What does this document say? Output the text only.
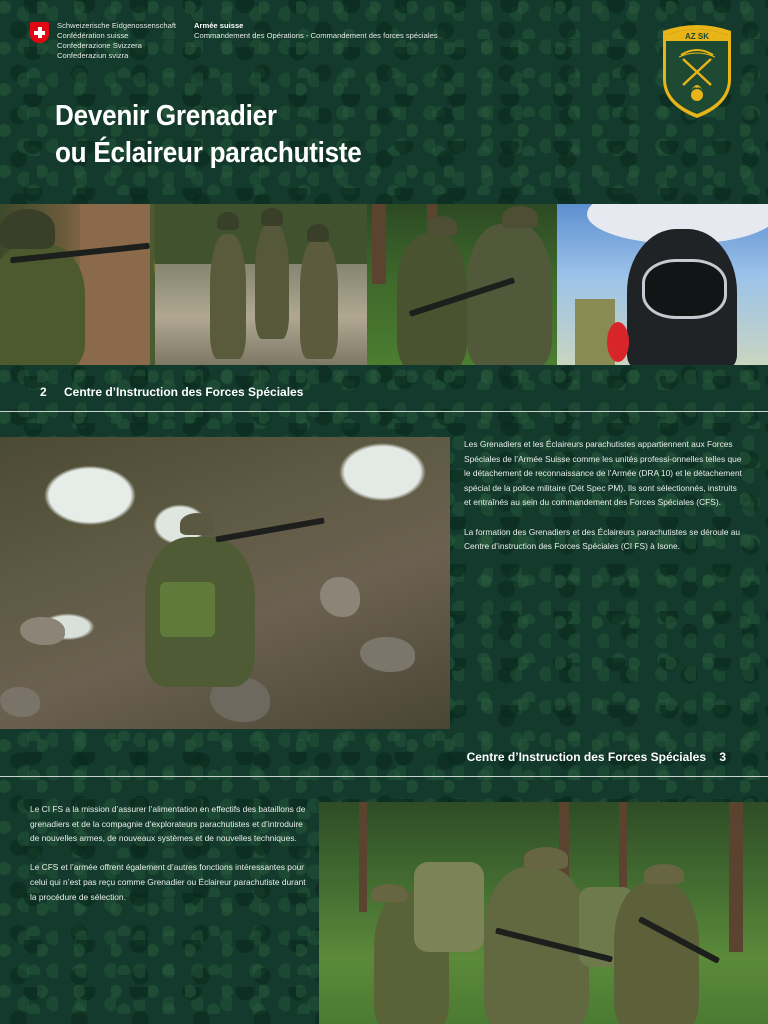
Schweizerische Eidgenossenschaft
Confédération suisse
Confederazione Svizzera
Confederaziun svizra
Armée suisse
Commandement des Opérations - Commandement des forces spéciales
Devenir Grenadier
ou Éclaireur parachutiste
AZ SK
2 Centre d’Instruction des Forces Spéciales

Les Grenadiers et les Éclaireurs parachutistes appartiennent aux Forces Spéciales de l’Armée Suisse comme les unités professi-onnelles telles que le détachement de reconnaissance de l’Armée (DRA 10) et le détachement spécial de la police militaire (Dét Spec PM). Ils sont sélectionnés, instruits et entraînés au sein du commandement des Forces Spéciales (CFS).

La formation des Grenadiers et des Éclaireurs parachutistes se déroule au Centre d’instruction des Forces Spéciales (CI FS) à Isone.

Centre d’Instruction des Forces Spéciales 3

Le CI FS a la mission d’assurer l’alimentation en effectifs des bataillons de grenadiers et de la compagnie d’explorateurs parachutistes et d’introduire de nouvelles armes, de nouveaux systèmes et de nouvelles techniques.

Le CFS et l’armée offrent également d’autres fonctions intéressantes pour celui qui n’est pas reçu comme Grenadier ou Éclaireur parachutiste durant la procédure de sélection.
